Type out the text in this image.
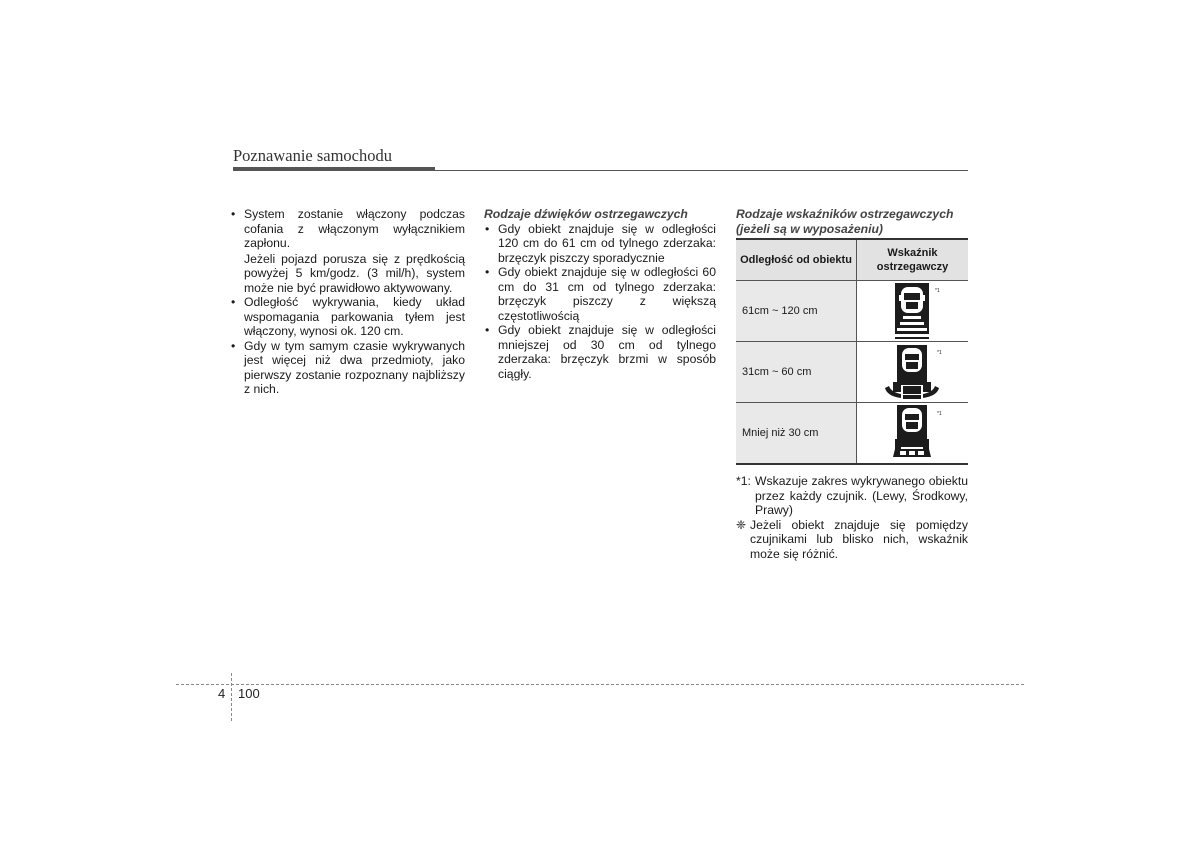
Poznawanie samochodu
• System zostanie włączony podczas cofania z włączonym wyłącznikiem zapłonu.
Jeżeli pojazd porusza się z prędkością powyżej 5 km/godz. (3 mil/h), system może nie być prawidłowo aktywowany.
• Odległość wykrywania, kiedy układ wspomagania parkowania tyłem jest włączony, wynosi ok. 120 cm.
• Gdy w tym samym czasie wykrywanych jest więcej niż dwa przedmioty, jako pierwszy zostanie rozpoznany najbliższy z nich.
Rodzaje dźwięków ostrzegawczych
• Gdy obiekt znajduje się w odległości 120 cm do 61 cm od tylnego zderzaka: brzęczyk piszczy sporadycznie
• Gdy obiekt znajduje się w odległości 60 cm do 31 cm od tylnego zderzaka: brzęczyk piszczy z większą częstotliwością
• Gdy obiekt znajduje się w odległości mniejszej od 30 cm od tylnego zderzaka: brzęczyk brzmi w sposób ciągły.
Rodzaje wskaźników ostrzegawczych (jeżeli są w wyposażeniu)
Odległość od obiektu	Wskaźnik ostrzegawczy
61cm ~ 120 cm	*1

31cm ~ 60 cm	*1

Mniej niż 30 cm	*1
*1: Wskazuje zakres wykrywanego obiektu przez każdy czujnik. (Lewy, Środkowy, Prawy)
❈ Jeżeli obiekt znajduje się pomiędzy czujnikami lub blisko nich, wskaźnik może się różnić.
4 100
